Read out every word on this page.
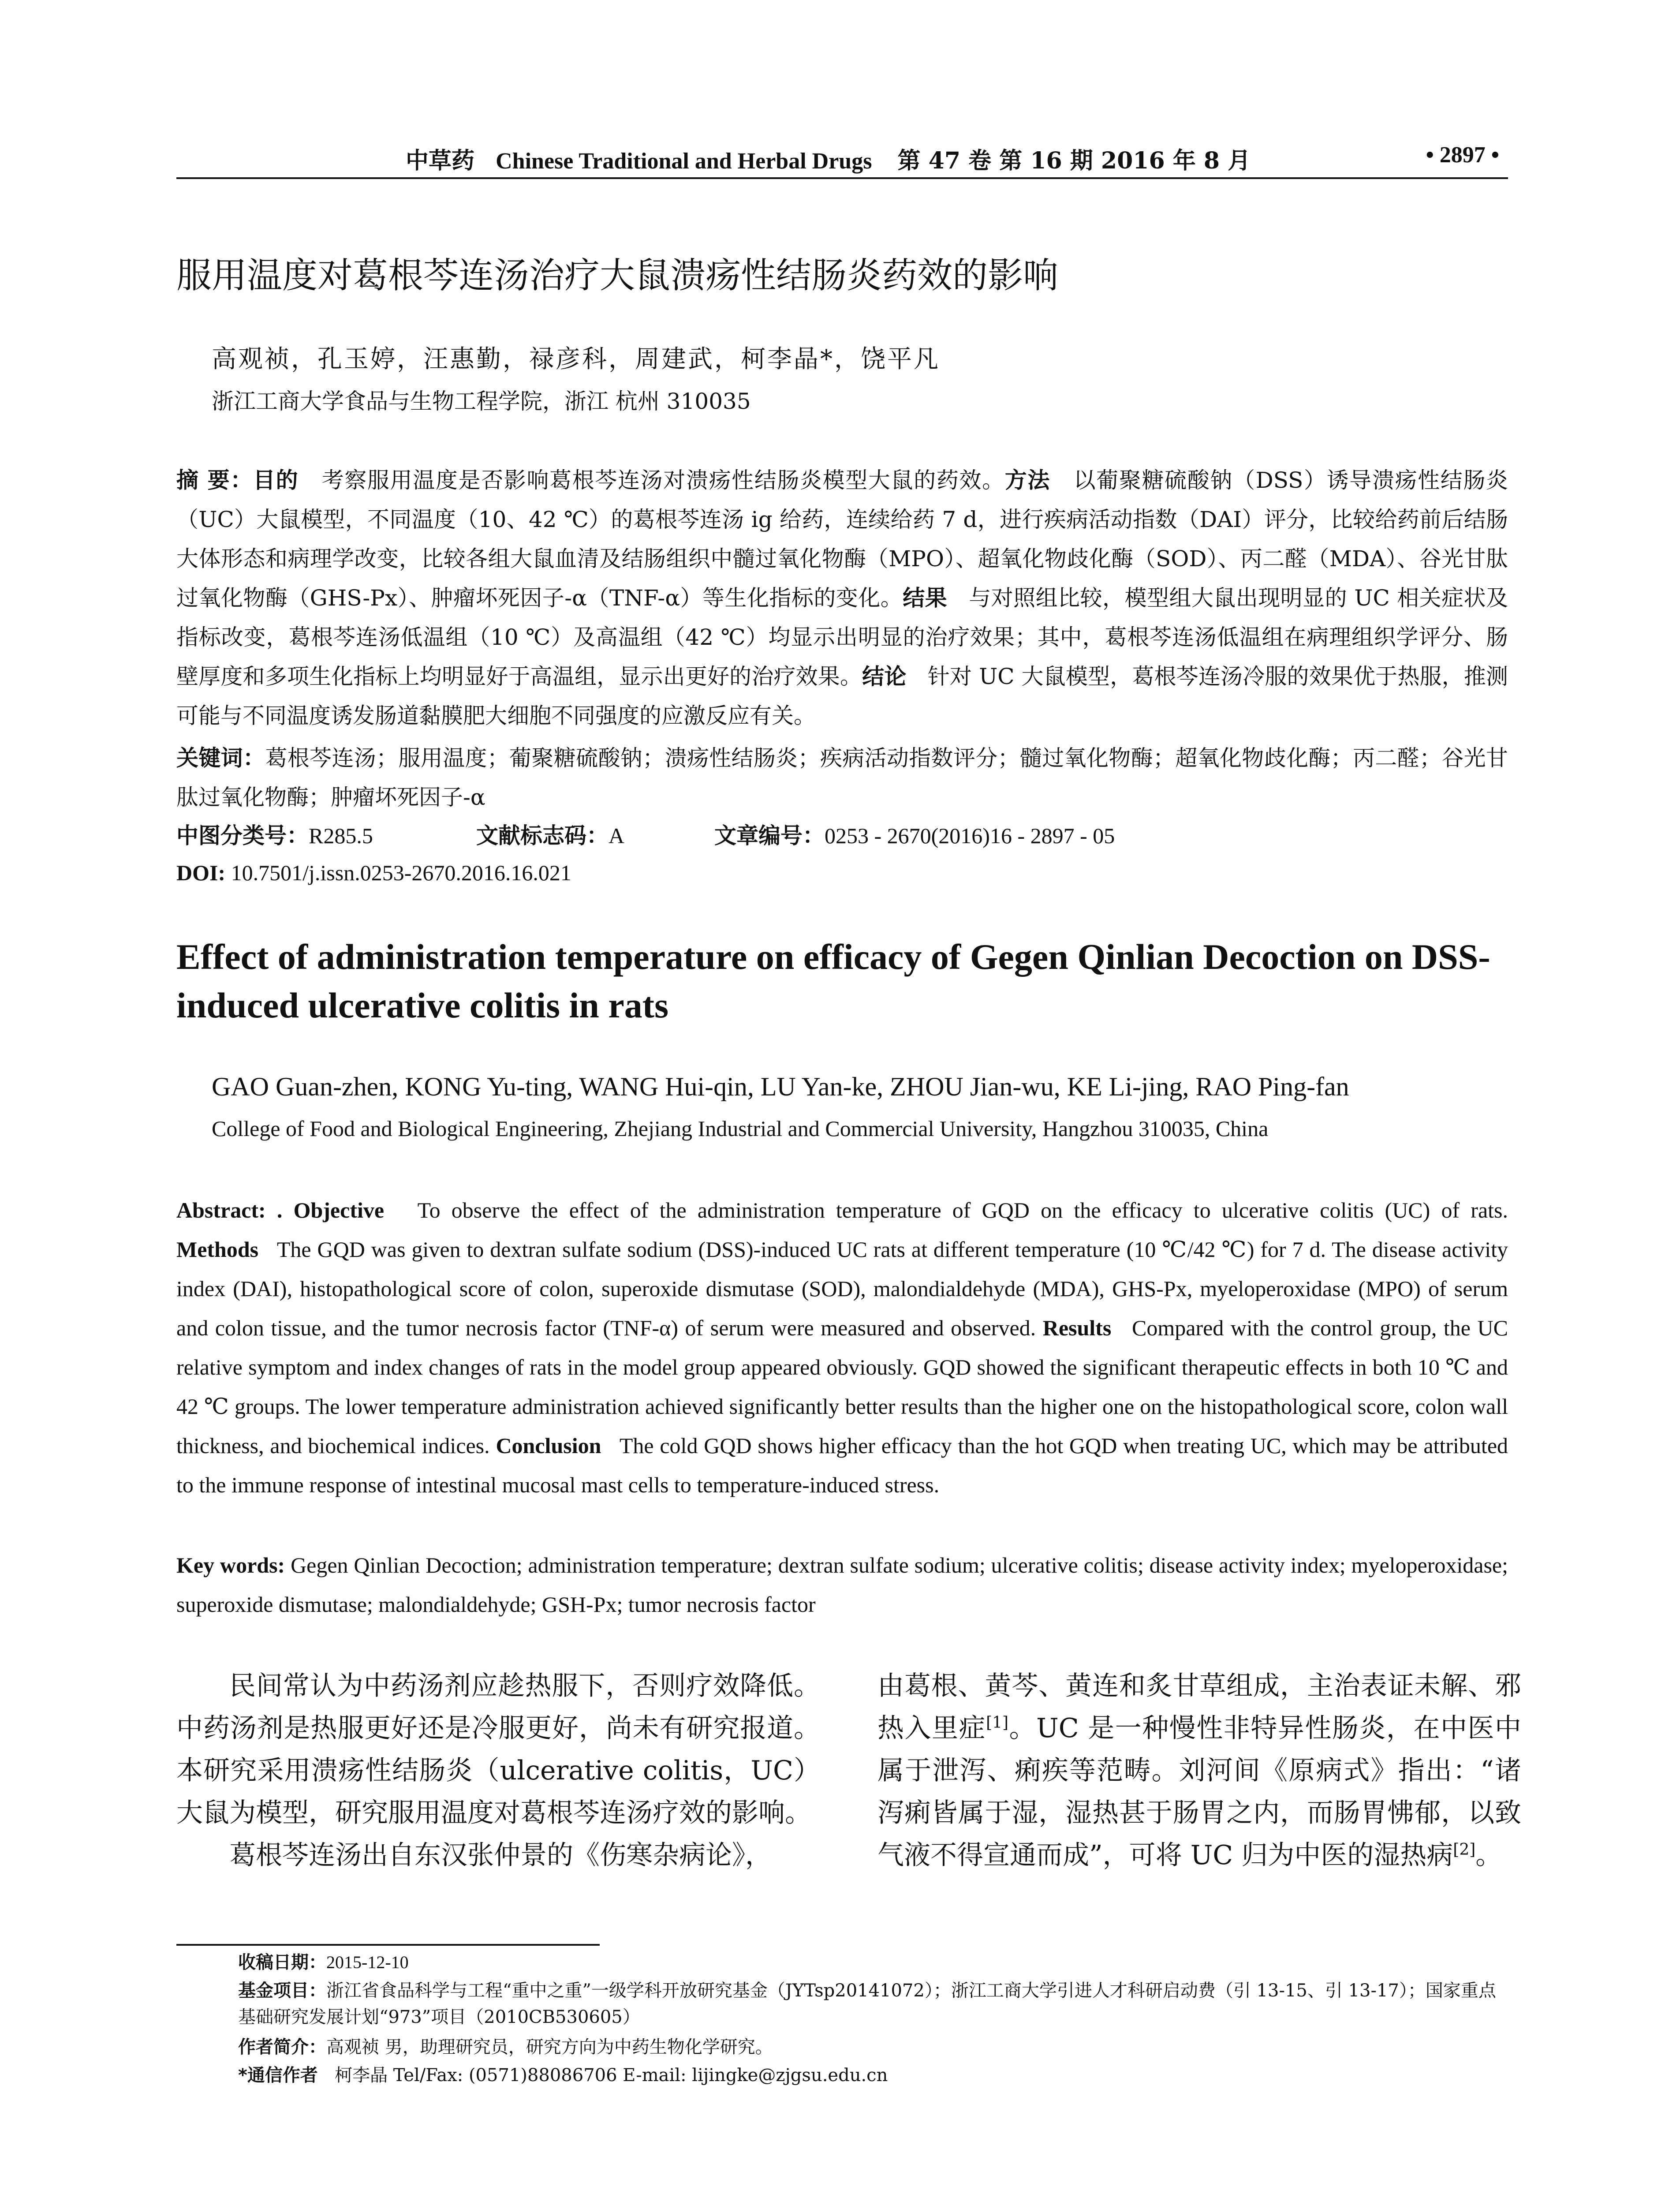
中草药 Chinese Traditional and Herbal Drugs 第 47 卷 第 16 期 2016 年 8 月	• 2897 •
服用温度对葛根芩连汤治疗大鼠溃疡性结肠炎药效的影响
高观祯，孔玉婷，汪惠勤，禄彦科，周建武，柯李晶*，饶平凡
浙江工商大学食品与生物工程学院，浙江 杭州 310035
摘 要：目的 考察服用温度是否影响葛根芩连汤对溃疡性结肠炎模型大鼠的药效。方法 以葡聚糖硫酸钠（DSS）诱导溃疡性结肠炎（UC）大鼠模型，不同温度（10、42 ℃）的葛根芩连汤 ig 给药，连续给药 7 d，进行疾病活动指数（DAI）评分，比较给药前后结肠大体形态和病理学改变，比较各组大鼠血清及结肠组织中髓过氧化物酶（MPO）、超氧化物歧化酶（SOD）、丙二醛（MDA）、谷光甘肽过氧化物酶（GHS-Px）、肿瘤坏死因子-α（TNF-α）等生化指标的变化。结果 与对照组比较，模型组大鼠出现明显的 UC 相关症状及指标改变，葛根芩连汤低温组（10 ℃）及高温组（42 ℃）均显示出明显的治疗效果；其中，葛根芩连汤低温组在病理组织学评分、肠壁厚度和多项生化指标上均明显好于高温组，显示出更好的治疗效果。结论 针对 UC 大鼠模型，葛根芩连汤冷服的效果优于热服，推测可能与不同温度诱发肠道黏膜肥大细胞不同强度的应激反应有关。
关键词：葛根芩连汤；服用温度；葡聚糖硫酸钠；溃疡性结肠炎；疾病活动指数评分；髓过氧化物酶；超氧化物歧化酶；丙二醛；谷光甘肽过氧化物酶；肿瘤坏死因子-α
中图分类号：R285.5	文献标志码：A	文章编号：0253 - 2670(2016)16 - 2897 - 05
DOI: 10.7501/j.issn.0253-2670.2016.16.021
Effect of administration temperature on efficacy of Gegen Qinlian Decoction on DSS-induced ulcerative colitis in rats
GAO Guan-zhen, KONG Yu-ting, WANG Hui-qin, LU Yan-ke, ZHOU Jian-wu, KE Li-jing, RAO Ping-fan
College of Food and Biological Engineering, Zhejiang Industrial and Commercial University, Hangzhou 310035, China
Abstract: . Objective To observe the effect of the administration temperature of GQD on the efficacy to ulcerative colitis (UC) of rats. Methods The GQD was given to dextran sulfate sodium (DSS)-induced UC rats at different temperature (10 ℃/42 ℃) for 7 d. The disease activity index (DAI), histopathological score of colon, superoxide dismutase (SOD), malondialdehyde (MDA), GHS-Px, myeloperoxidase (MPO) of serum and colon tissue, and the tumor necrosis factor (TNF-α) of serum were measured and observed. Results Compared with the control group, the UC relative symptom and index changes of rats in the model group appeared obviously. GQD showed the significant therapeutic effects in both 10 ℃ and 42 ℃ groups. The lower temperature administration achieved significantly better results than the higher one on the histopathological score, colon wall thickness, and biochemical indices. Conclusion The cold GQD shows higher efficacy than the hot GQD when treating UC, which may be attributed to the immune response of intestinal mucosal mast cells to temperature-induced stress.
Key words: Gegen Qinlian Decoction; administration temperature; dextran sulfate sodium; ulcerative colitis; disease activity index; myeloperoxidase; superoxide dismutase; malondialdehyde; GSH-Px; tumor necrosis factor

民间常认为中药汤剂应趁热服下，否则疗效降低。中药汤剂是热服更好还是冷服更好，尚未有研究报道。本研究采用溃疡性结肠炎（ulcerative colitis，UC）大鼠为模型，研究服用温度对葛根芩连汤疗效的影响。

葛根芩连汤出自东汉张仲景的《伤寒杂病论》，

由葛根、黄芩、黄连和炙甘草组成，主治表证未解、邪热入里症[1]。UC 是一种慢性非特异性肠炎，在中医中属于泄泻、痢疾等范畴。刘河间《原病式》指出：“诸泻痢皆属于湿，湿热甚于肠胃之内，而肠胃怫郁，以致气液不得宣通而成”，可将 UC 归为中医的湿热病[2]。

收稿日期：2015-12-10
基金项目：浙江省食品科学与工程“重中之重”一级学科开放研究基金（JYTsp20141072）；浙江工商大学引进人才科研启动费（引 13-15、引 13-17）；国家重点基础研究发展计划“973”项目（2010CB530605）
作者简介：高观祯 男，助理研究员，研究方向为中药生物化学研究。
*通信作者 柯李晶 Tel/Fax: (0571)88086706 E-mail: lijingke@zjgsu.edu.cn
